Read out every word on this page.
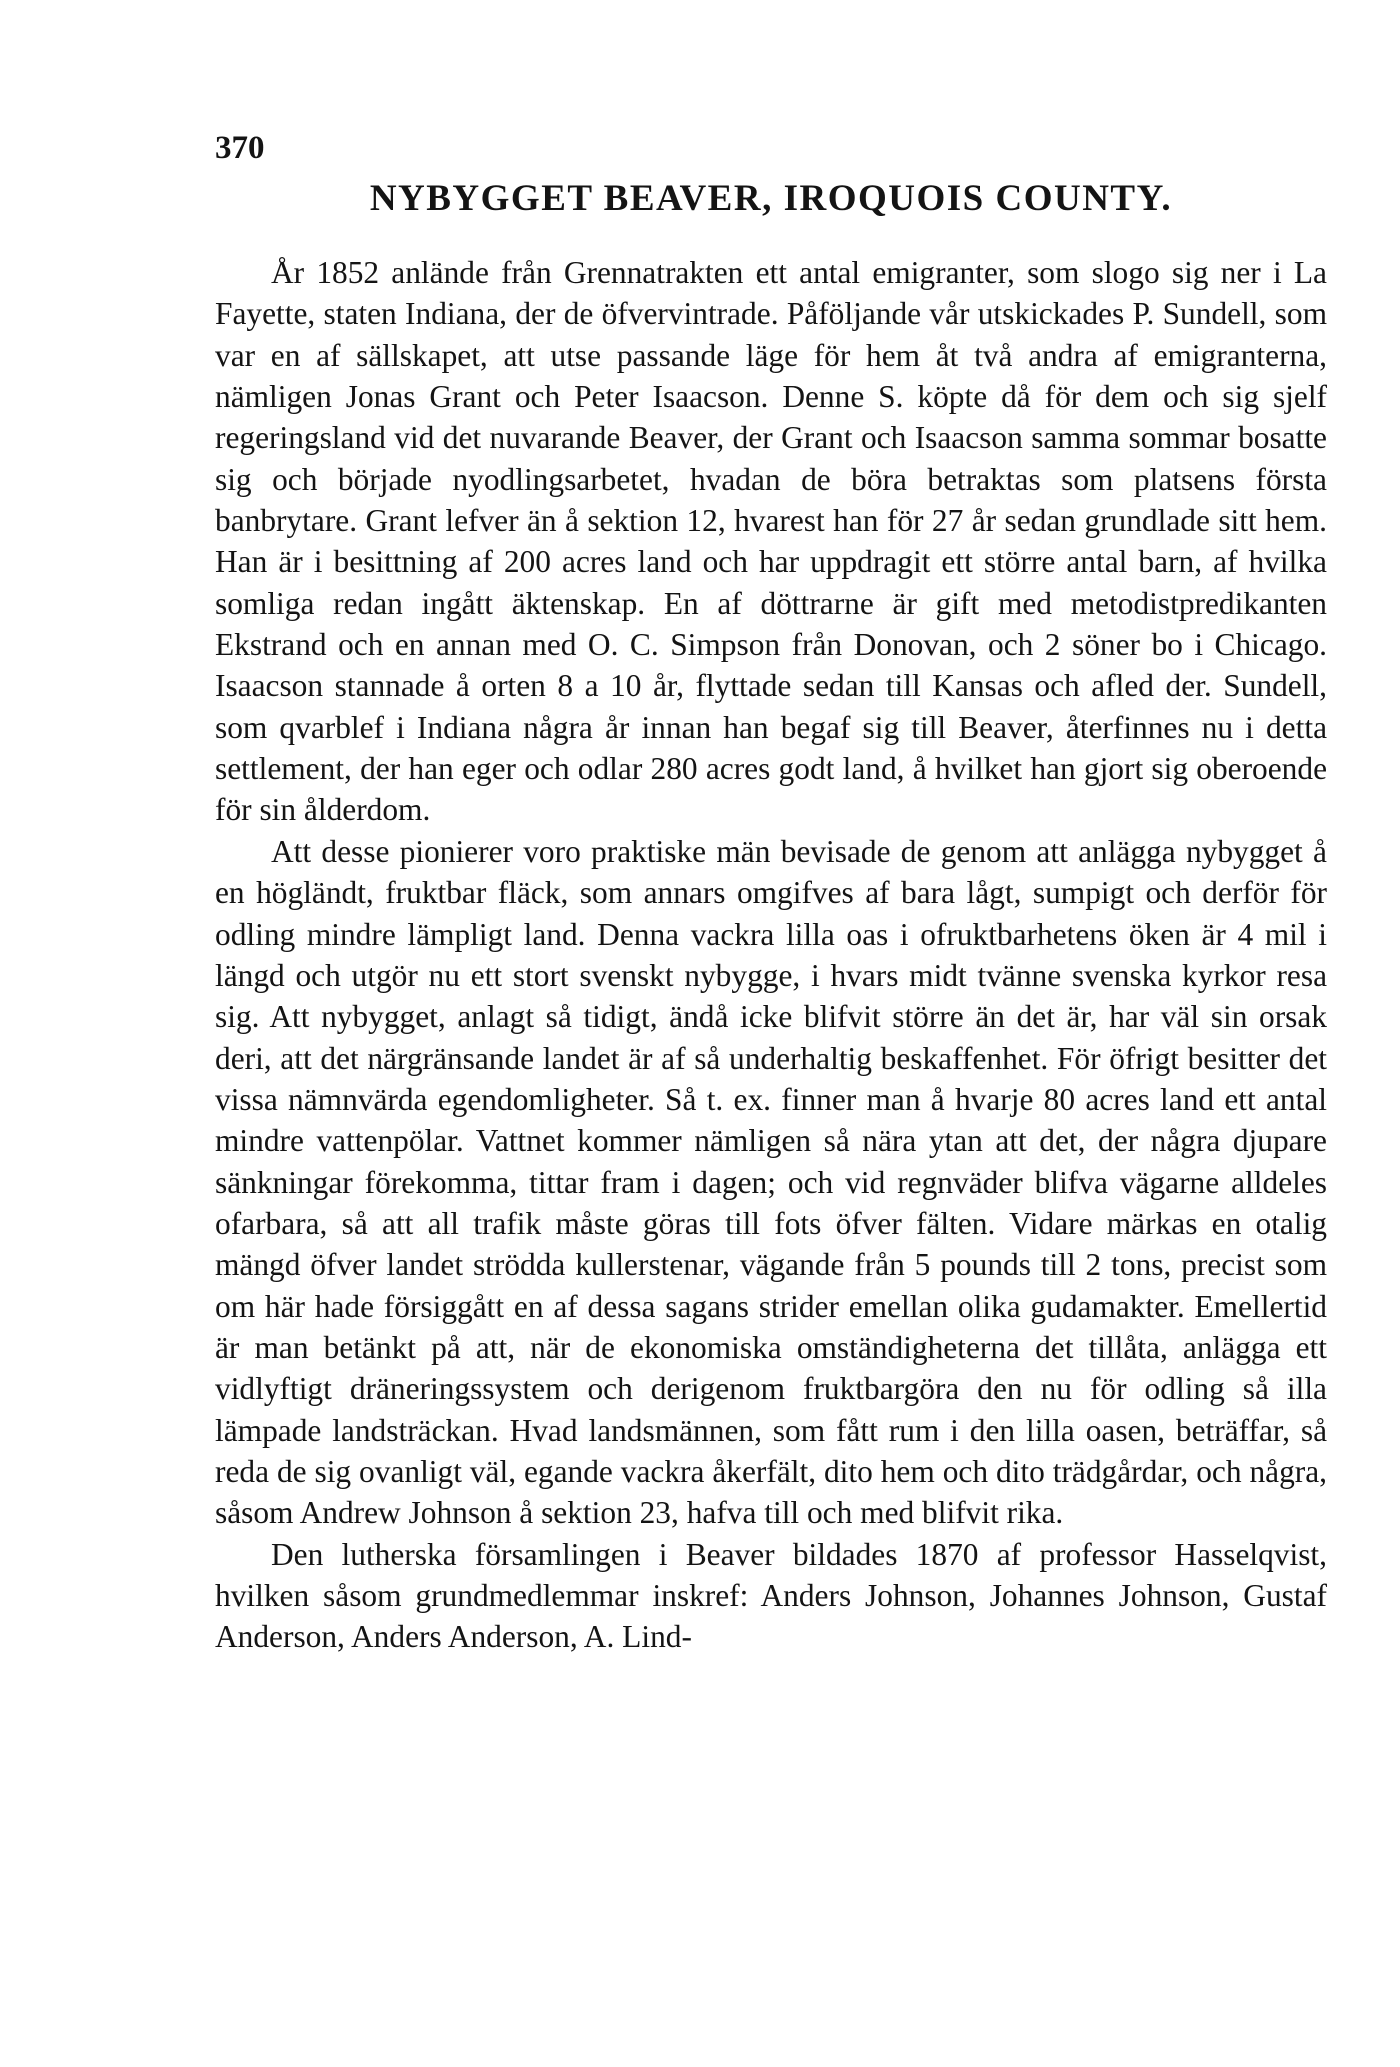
370
NYBYGGET BEAVER, IROQUOIS COUNTY.

År 1852 anlände från Grennatrakten ett antal emigranter, som slogo sig ner i La Fayette, staten Indiana, der de öfvervintrade. Påföljande vår utskickades P. Sundell, som var en af sällskapet, att utse passande läge för hem åt två andra af emigranterna, nämligen Jonas Grant och Peter Isaacson. Denne S. köpte då för dem och sig sjelf regeringsland vid det nuvarande Beaver, der Grant och Isaacson samma sommar bosatte sig och började nyodlingsarbetet, hvadan de böra betraktas som platsens första banbrytare. Grant lefver än å sektion 12, hvarest han för 27 år sedan grundlade sitt hem. Han är i besittning af 200 acres land och har uppdragit ett större antal barn, af hvilka somliga redan ingått äktenskap. En af döttrarne är gift med metodistpredikanten Ekstrand och en annan med O. C. Simpson från Donovan, och 2 söner bo i Chicago. Isaacson stannade å orten 8 a 10 år, flyttade sedan till Kansas och afled der. Sundell, som qvarblef i Indiana några år innan han begaf sig till Beaver, återfinnes nu i detta settlement, der han eger och odlar 280 acres godt land, å hvilket han gjort sig oberoende för sin ålderdom.

Att desse pionierer voro praktiske män bevisade de genom att anlägga nybygget å en högländt, fruktbar fläck, som annars omgifves af bara lågt, sumpigt och derför för odling mindre lämpligt land. Denna vackra lilla oas i ofruktbarhetens öken är 4 mil i längd och utgör nu ett stort svenskt nybygge, i hvars midt tvänne svenska kyrkor resa sig. Att nybygget, anlagt så tidigt, ändå icke blifvit större än det är, har väl sin orsak deri, att det närgränsande landet är af så underhaltig beskaffenhet. För öfrigt besitter det vissa nämnvärda egendomligheter. Så t. ex. finner man å hvarje 80 acres land ett antal mindre vattenpölar. Vattnet kommer nämligen så nära ytan att det, der några djupare sänkningar förekomma, tittar fram i dagen; och vid regnväder blifva vägarne alldeles ofarbara, så att all trafik måste göras till fots öfver fälten. Vidare märkas en otalig mängd öfver landet strödda kullerstenar, vägande från 5 pounds till 2 tons, precist som om här hade försiggått en af dessa sagans strider emellan olika gudamakter. Emellertid är man betänkt på att, när de ekonomiska omständigheterna det tillåta, anlägga ett vidlyftigt dräneringssystem och derigenom fruktbargöra den nu för odling så illa lämpade landsträckan. Hvad landsmännen, som fått rum i den lilla oasen, beträffar, så reda de sig ovanligt väl, egande vackra åkerfält, dito hem och dito trädgårdar, och några, såsom Andrew Johnson å sektion 23, hafva till och med blifvit rika.

Den lutherska församlingen i Beaver bildades 1870 af professor Hasselqvist, hvilken såsom grundmedlemmar inskref: Anders Johnson, Johannes Johnson, Gustaf Anderson, Anders Anderson, A. Lind-
